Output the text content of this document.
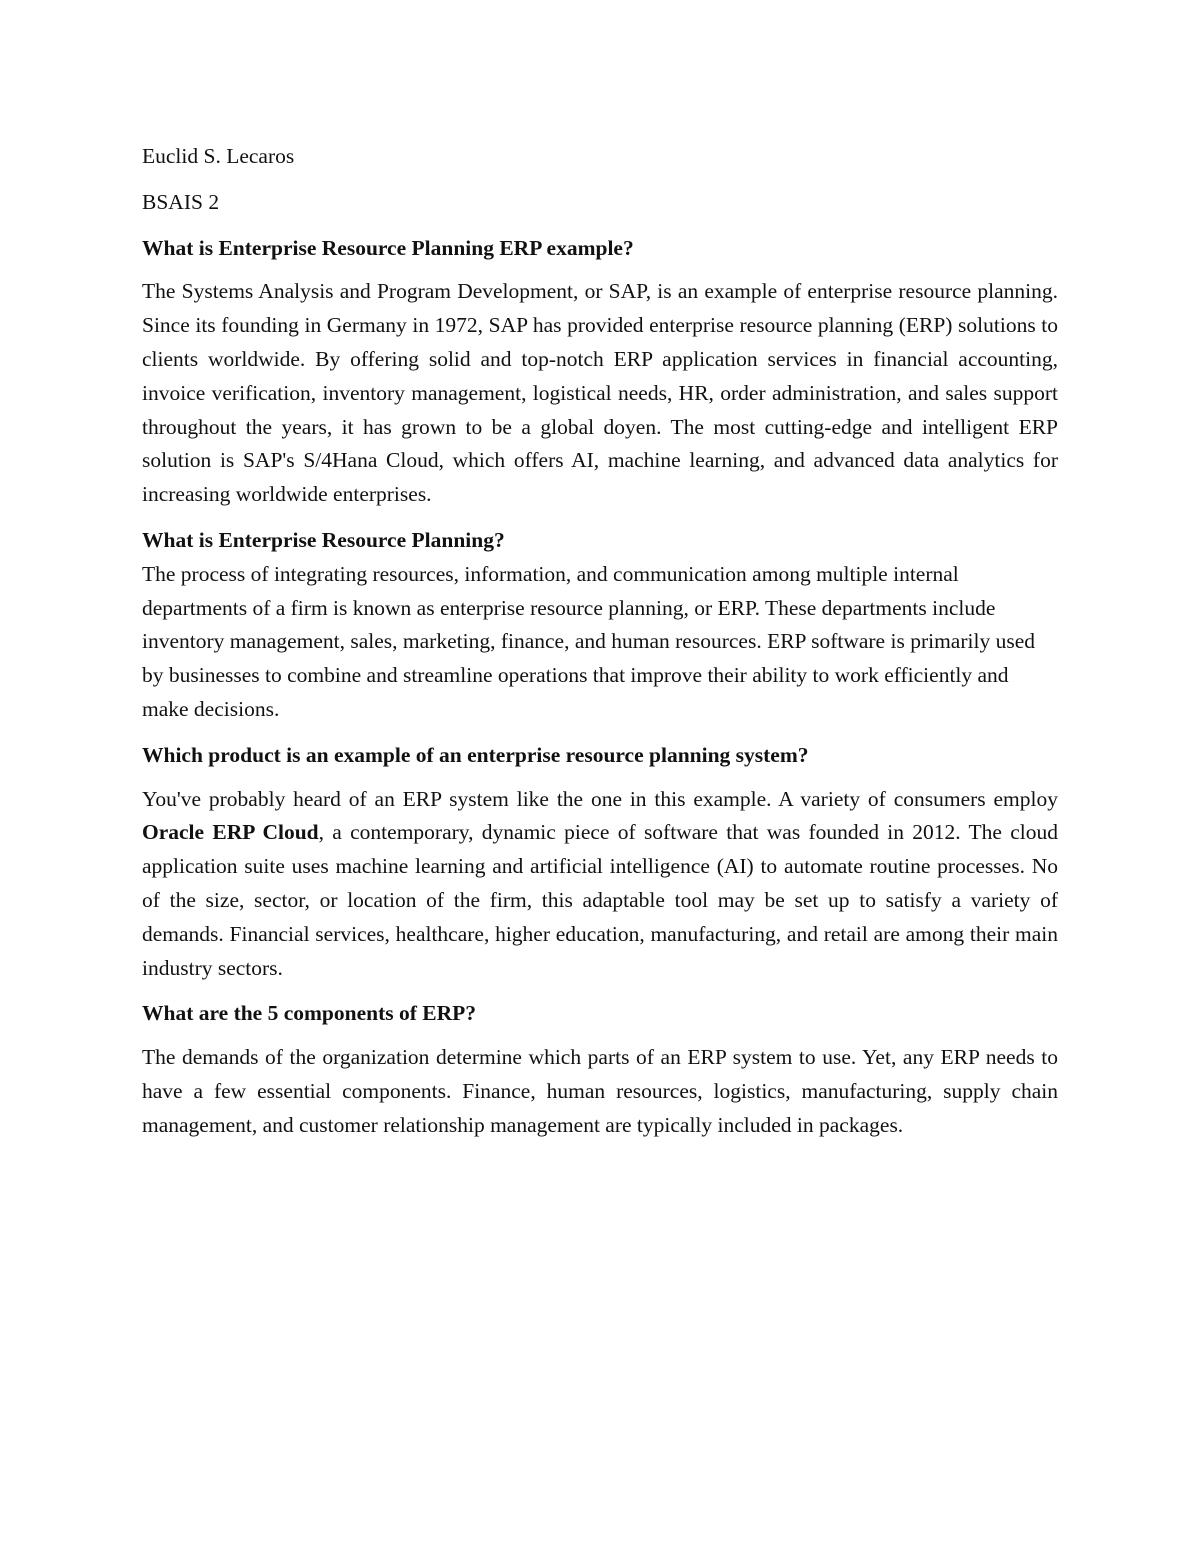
Euclid S. Lecaros
BSAIS 2
What is Enterprise Resource Planning ERP example?

The Systems Analysis and Program Development, or SAP, is an example of enterprise resource planning. Since its founding in Germany in 1972, SAP has provided enterprise resource planning (ERP) solutions to clients worldwide. By offering solid and top-notch ERP application services in financial accounting, invoice verification, inventory management, logistical needs, HR, order administration, and sales support throughout the years, it has grown to be a global doyen. The most cutting-edge and intelligent ERP solution is SAP's S/4Hana Cloud, which offers AI, machine learning, and advanced data analytics for increasing worldwide enterprises.

What is Enterprise Resource Planning?

The process of integrating resources, information, and communication among multiple internal departments of a firm is known as enterprise resource planning, or ERP. These departments include inventory management, sales, marketing, finance, and human resources. ERP software is primarily used by businesses to combine and streamline operations that improve their ability to work efficiently and make decisions.

Which product is an example of an enterprise resource planning system?

You've probably heard of an ERP system like the one in this example. A variety of consumers employ Oracle ERP Cloud, a contemporary, dynamic piece of software that was founded in 2012. The cloud application suite uses machine learning and artificial intelligence (AI) to automate routine processes. No of the size, sector, or location of the firm, this adaptable tool may be set up to satisfy a variety of demands. Financial services, healthcare, higher education, manufacturing, and retail are among their main industry sectors.

What are the 5 components of ERP?

The demands of the organization determine which parts of an ERP system to use. Yet, any ERP needs to have a few essential components. Finance, human resources, logistics, manufacturing, supply chain management, and customer relationship management are typically included in packages.
